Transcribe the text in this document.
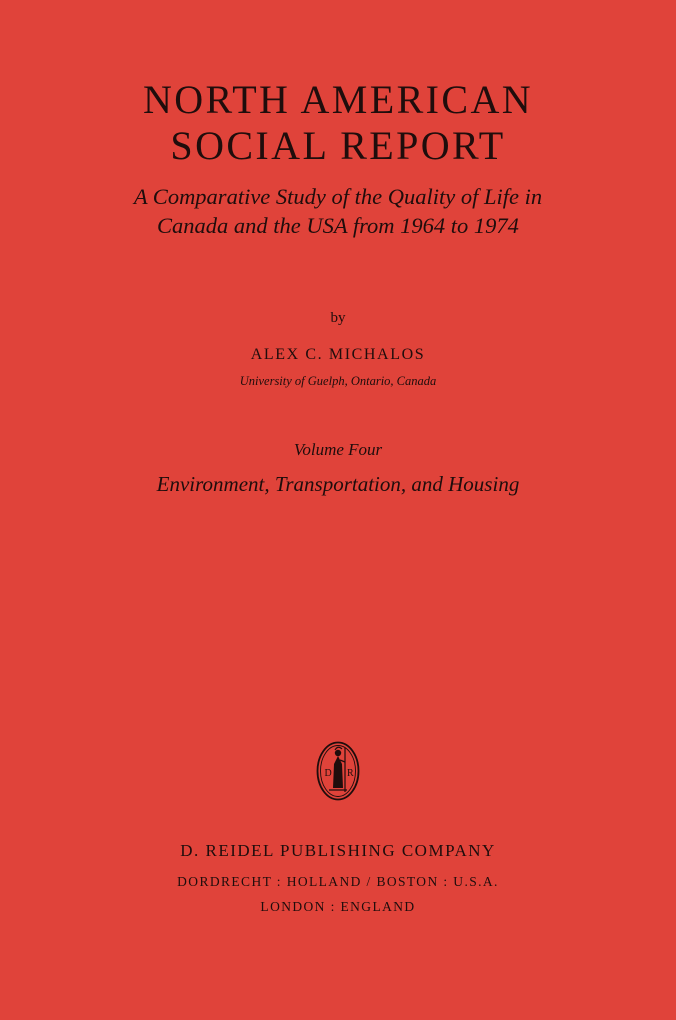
NORTH AMERICAN
SOCIAL REPORT
A Comparative Study of the Quality of Life in
Canada and the USA from 1964 to 1974
by
ALEX C. MICHALOS
University of Guelph, Ontario, Canada
Volume Four
Environment, Transportation, and Housing
D R
D. REIDEL PUBLISHING COMPANY
DORDRECHT : HOLLAND / BOSTON : U.S.A.
LONDON : ENGLAND
